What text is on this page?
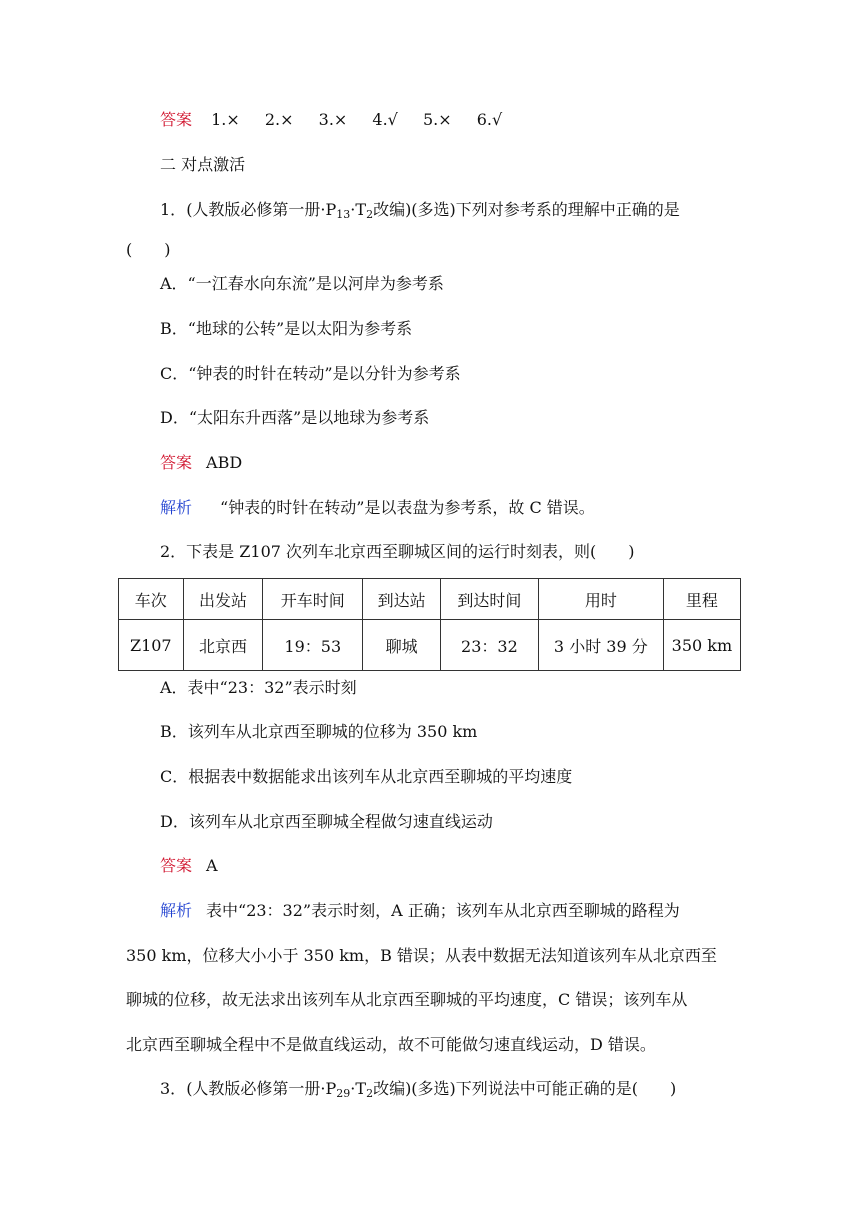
答案 1.× 2.× 3.× 4.√ 5.× 6.√
二 对点激活
1．(人教版必修第一册$\cdot P_{13}\cdot T_2$改编)(多选)下列对参考系的理解中正确的是
(　　)
A．“一江春水向东流”是以河岸为参考系
B．“地球的公转”是以太阳为参考系
C．“钟表的时针在转动”是以分针为参考系
D．“太阳东升西落”是以地球为参考系
答案 ABD
解析 “钟表的时针在转动”是以表盘为参考系，故 C 错误。
2．下表是 Z107 次列车北京西至聊城区间的运行时刻表，则(　　)
车次	出发站	开车时间	到达站	到达时间	用时	里程
Z107	北京西	19：53	聊城	23：32	3 小时 39 分	350 km
A．表中“23：32”表示时刻
B．该列车从北京西至聊城的位移为 350 km
C．根据表中数据能求出该列车从北京西至聊城的平均速度
D．该列车从北京西至聊城全程做匀速直线运动
答案 A
解析 表中“23：32”表示时刻，A 正确；该列车从北京西至聊城的路程为
350 km，位移大小小于 350 km，B 错误；从表中数据无法知道该列车从北京西至
聊城的位移，故无法求出该列车从北京西至聊城的平均速度，C 错误；该列车从
北京西至聊城全程中不是做直线运动，故不可能做匀速直线运动，D 错误。
3．(人教版必修第一册$\cdot P_{29}\cdot T_2$改编)(多选)下列说法中可能正确的是(　　)
